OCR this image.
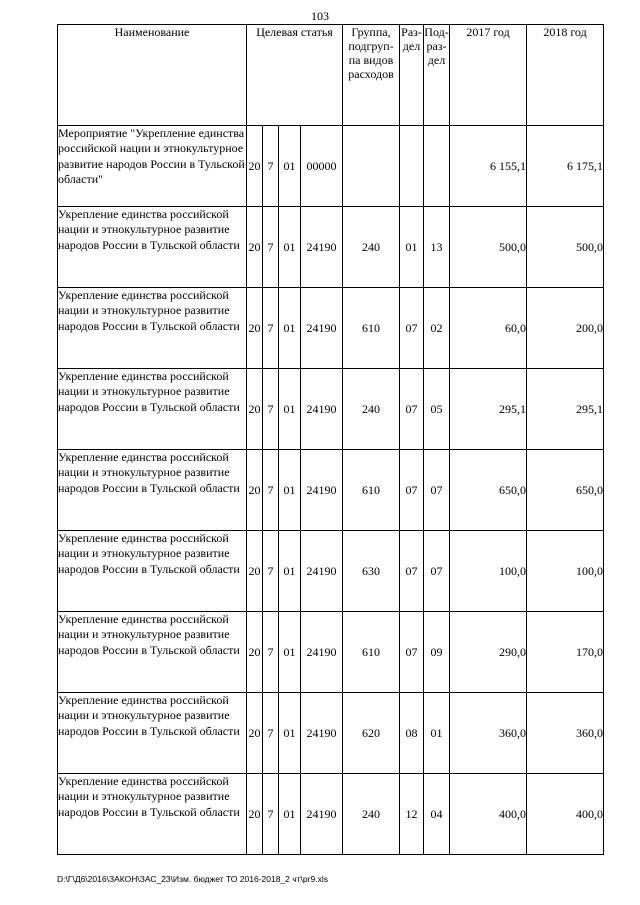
103
Наименование	Целевая статья				Группа, подгруп- па видов расходов	Раз- дел	Под- раз- дел	2017 год	2018 год
Мероприятие "Укрепление единства российской нации и этнокультурное развитие народов России в Тульской области"	20	7	01	00000				6 155,1	6 175,1
Укрепление единства российской нации и этнокультурное развитие народов России в Тульской области	20	7	01	24190	240	01	13	500,0	500,0
Укрепление единства российской нации и этнокультурное развитие народов России в Тульской области	20	7	01	24190	610	07	02	60,0	200,0
Укрепление единства российской нации и этнокультурное развитие народов России в Тульской области	20	7	01	24190	240	07	05	295,1	295,1
Укрепление единства российской нации и этнокультурное развитие народов России в Тульской области	20	7	01	24190	610	07	07	650,0	650,0
Укрепление единства российской нации и этнокультурное развитие народов России в Тульской области	20	7	01	24190	630	07	07	100,0	100,0
Укрепление единства российской нации и этнокультурное развитие народов России в Тульской области	20	7	01	24190	610	07	09	290,0	170,0
Укрепление единства российской нации и этнокультурное развитие народов России в Тульской области	20	7	01	24190	620	08	01	360,0	360,0
Укрепление единства российской нации и этнокультурное развитие народов России в Тульской области	20	7	01	24190	240	12	04	400,0	400,0
D:\Г\Д6\2016\ЗАКОН\ЗАС_23\Изм. бюджет ТО 2016-2018_2 чт\pr9.xls
